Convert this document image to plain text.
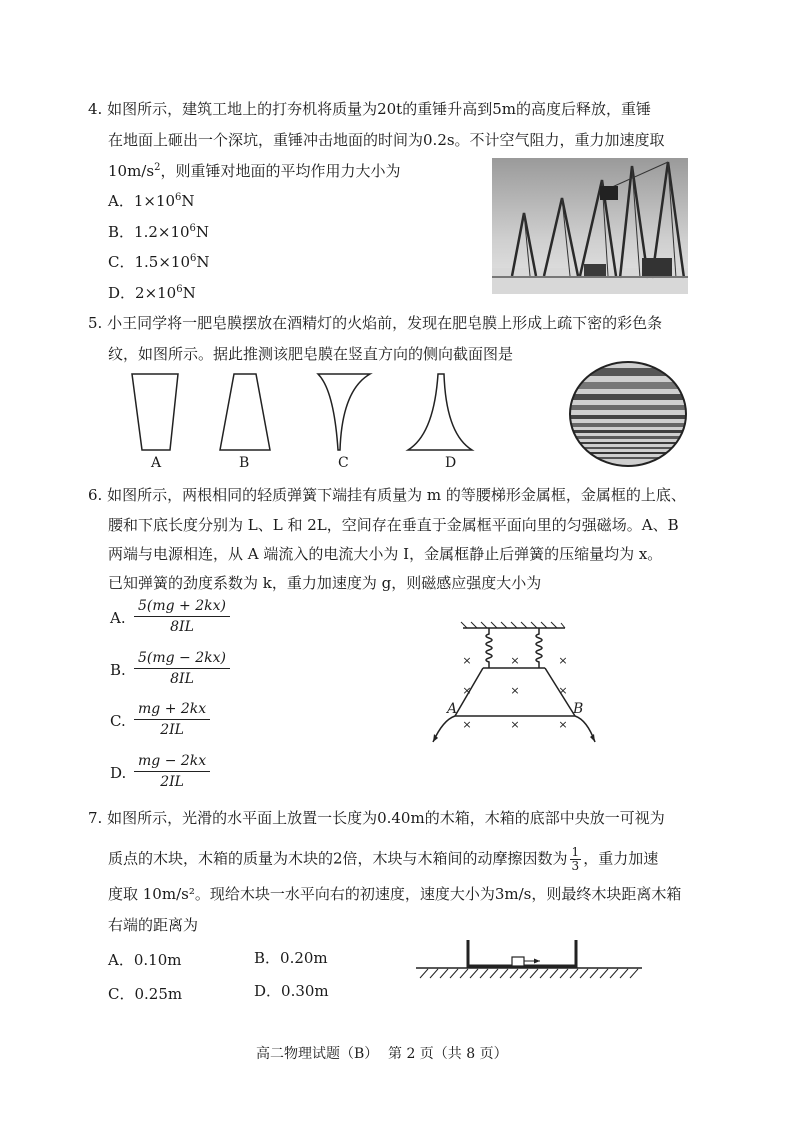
4. 如图所示，建筑工地上的打夯机将质量为20t的重锤升高到5m的高度后释放，重锤
在地面上砸出一个深坑，重锤冲击地面的时间为0.2s。不计空气阻力，重力加速度取
$10m/s^2$，则重锤对地面的平均作用力大小为
A．$1\times 10^6N$
B．$1.2\times 10^6N$
C．$1.5\times 10^6N$
D．$2\times 10^6N$
5. 小王同学将一肥皂膜摆放在酒精灯的火焰前，发现在肥皂膜上形成上疏下密的彩色条
纹，如图所示。据此推测该肥皂膜在竖直方向的侧向截面图是
A	B	C	D
6. 如图所示，两根相同的轻质弹簧下端挂有质量为 m 的等腰梯形金属框，金属框的上底、
腰和下底长度分别为 L、L 和 2L，空间存在垂直于金属框平面向里的匀强磁场。A、B
两端与电源相连，从 A 端流入的电流大小为 I，金属框静止后弹簧的压缩量均为 x。
已知弹簧的劲度系数为 k，重力加速度为 g，则磁感应强度大小为
A. $\frac{5(mg + 2kx)}{8IL}$
B. $\frac{5(mg - 2kx)}{8IL}$
C. $\frac{mg + 2kx}{2IL}$
D. $\frac{mg - 2kx}{2IL}$
×	×	×
×	×	×
×	×	×
A	B
7. 如图所示，光滑的水平面上放置一长度为0.40m的木箱，木箱的底部中央放一可视为
质点的木块，木箱的质量为木块的2倍，木块与木箱间的动摩擦因数为 $\frac{1}{3}$ ，重力加速
度取 10m/s²。现给木块一水平向右的初速度，速度大小为3m/s，则最终木块距离木箱
右端的距离为
A．0.10m	B．0.20m
C．0.25m	D．0.30m
高二物理试题（B） 第 2 页（共 8 页）
